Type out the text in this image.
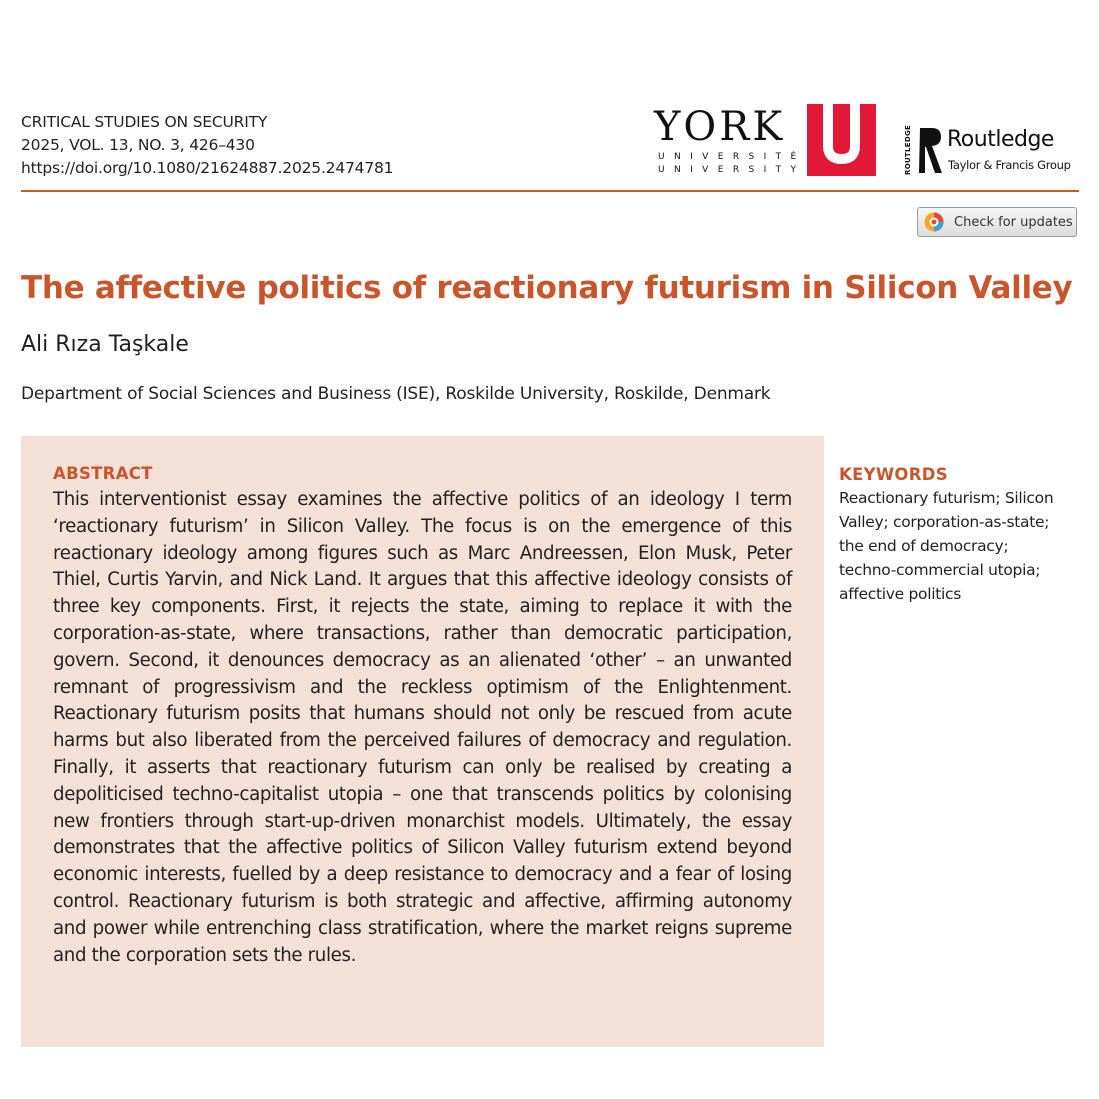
CRITICAL STUDIES ON SECURITY
2025, VOL. 13, NO. 3, 426–430
https://doi.org/10.1080/21624887.2025.2474781
YORK
UNIVERSITÉ
UNIVERSITY	ROUTLEDGE Routledge
Taylor & Francis Group
Check for updates
The affective politics of reactionary futurism in Silicon Valley
Ali Rıza Taşkale
Department of Social Sciences and Business (ISE), Roskilde University, Roskilde, Denmark
ABSTRACT

This interventionist essay examines the affective politics of an ideology I term ‘reactionary futurism’ in Silicon Valley. The focus is on the emergence of this reactionary ideology among figures such as Marc Andreessen, Elon Musk, Peter Thiel, Curtis Yarvin, and Nick Land. It argues that this affective ideology consists of three key components. First, it rejects the state, aiming to replace it with the corporation-as-state, where transactions, rather than democratic participation, govern. Second, it denounces democracy as an alienated ‘other’ – an unwanted remnant of progressivism and the reckless optimism of the Enlightenment. Reactionary futurism posits that humans should not only be rescued from acute harms but also liberated from the perceived failures of democracy and regulation. Finally, it asserts that reactionary futurism can only be realised by creating a depoliticised techno-capitalist utopia – one that transcends politics by colonising new frontiers through start-up-driven monarchist models. Ultimately, the essay demonstrates that the affective politics of Silicon Valley futurism extend beyond economic interests, fuelled by a deep resistance to democracy and a fear of losing control. Reactionary futurism is both strategic and affective, affirming autonomy and power while entrenching class stratification, where the market reigns supreme and the corporation sets the rules.

KEYWORDS
Reactionary futurism; Silicon
Valley; corporation-as-state;
the end of democracy;
techno-commercial utopia;
affective politics
